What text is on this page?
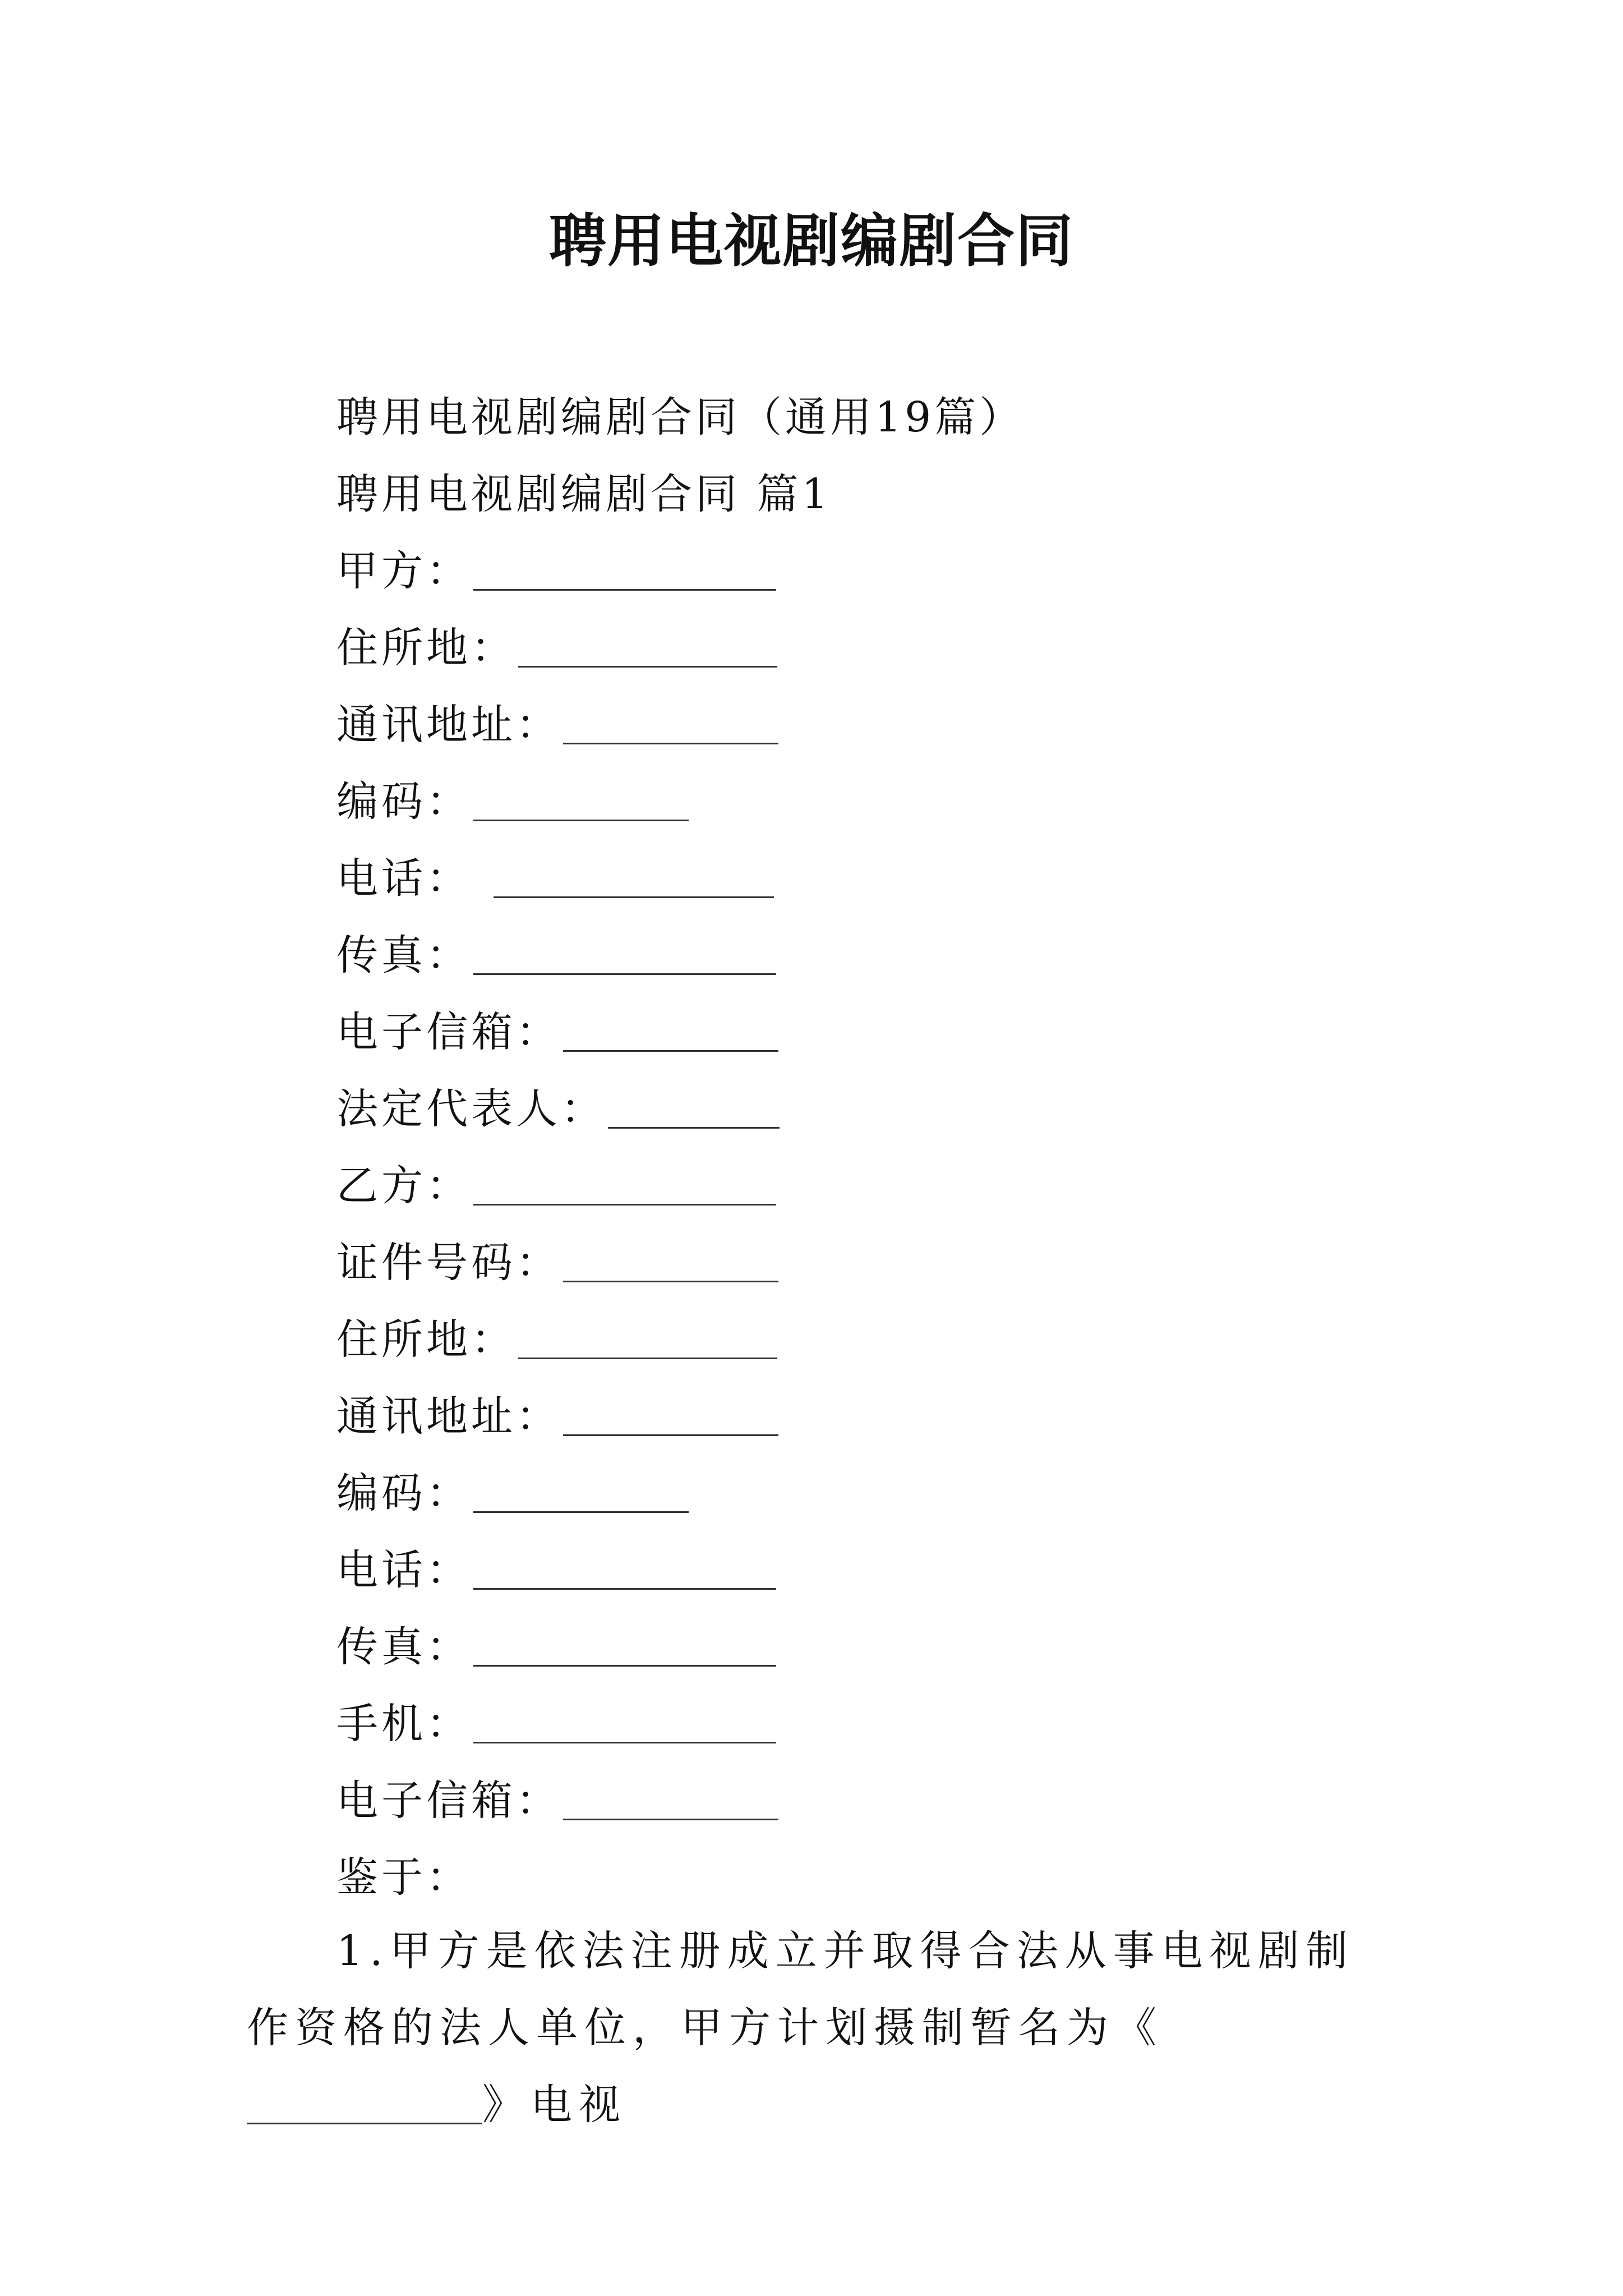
聘用电视剧编剧合同
聘用电视剧编剧合同（通用19篇）
聘用电视剧编剧合同 篇1
甲方：
住所地：
通讯地址：
编码：
电话：
传真：
电子信箱：
法定代表人：
乙方：
证件号码：
住所地：
通讯地址：
编码：
电话：
传真：
手机：
电子信箱：
鉴于：
1.甲方是依法注册成立并取得合法从事电视剧制作资格的法人单位，甲方计划摄制暂名为《》电视
